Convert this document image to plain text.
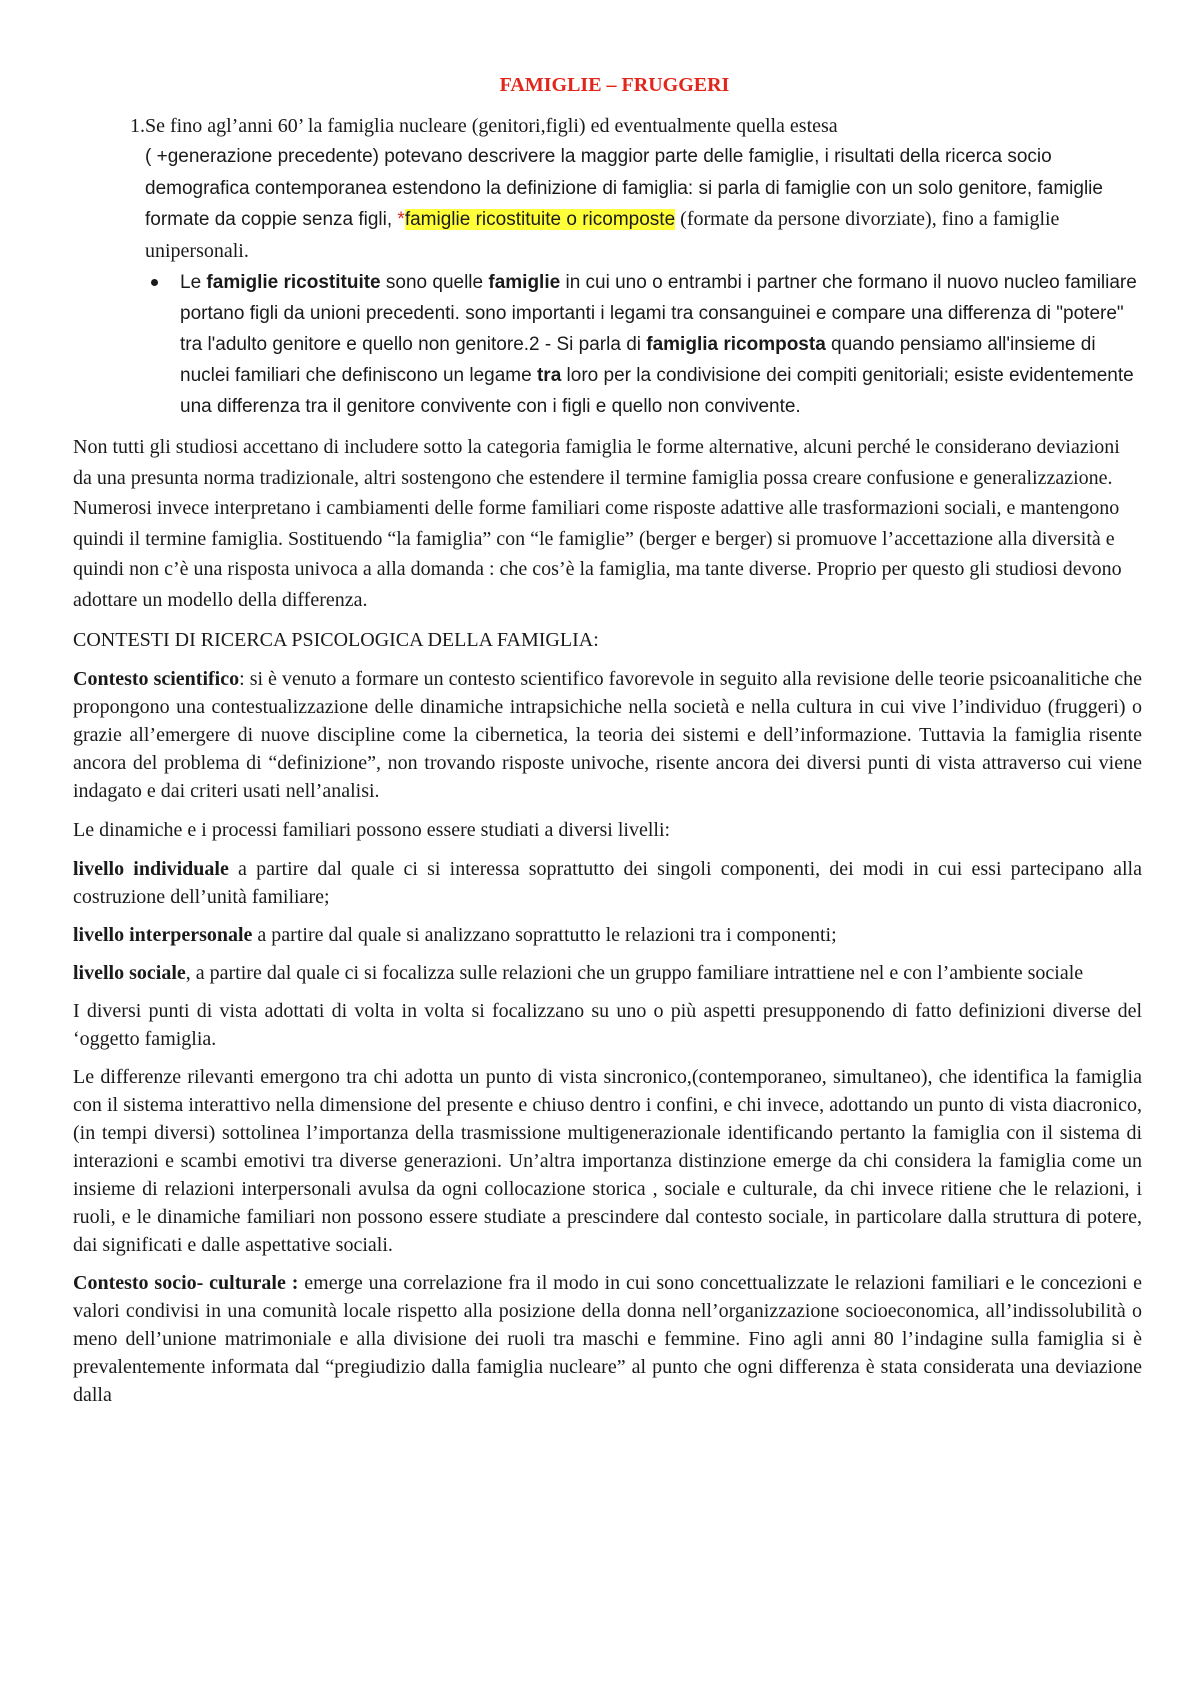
FAMIGLIE – FRUGGERI
1. Se fino agl’anni 60’ la famiglia nucleare (genitori,figli) ed eventualmente quella estesa
( +generazione precedente) potevano descrivere la maggior parte delle famiglie, i risultati della ricerca socio demografica contemporanea estendono la definizione di famiglia: si parla di famiglie con un solo genitore, famiglie formate da coppie senza figli, *famiglie ricostituite o ricomposte (formate da persone divorziate), fino a famiglie unipersonali.
Le famiglie ricostituite sono quelle famiglie in cui uno o entrambi i partner che formano il nuovo nucleo familiare portano figli da unioni precedenti. sono importanti i legami tra consanguinei e compare una differenza di "potere" tra l'adulto genitore e quello non genitore.2 - Si parla di famiglia ricomposta quando pensiamo all'insieme di nuclei familiari che definiscono un legame tra loro per la condivisione dei compiti genitoriali; esiste evidentemente una differenza tra il genitore convivente con i figli e quello non convivente.

Non tutti gli studiosi accettano di includere sotto la categoria famiglia le forme alternative, alcuni perché le considerano deviazioni da una presunta norma tradizionale, altri sostengono che estendere il termine famiglia possa creare confusione e generalizzazione. Numerosi invece interpretano i cambiamenti delle forme familiari come risposte adattive alle trasformazioni sociali, e mantengono quindi il termine famiglia. Sostituendo “la famiglia” con “le famiglie” (berger e berger) si promuove l’accettazione alla diversità e quindi non c’è una risposta univoca a alla domanda : che cos’è la famiglia, ma tante diverse. Proprio per questo gli studiosi devono adottare un modello della differenza.

CONTESTI DI RICERCA PSICOLOGICA DELLA FAMIGLIA:

Contesto scientifico: si è venuto a formare un contesto scientifico favorevole in seguito alla revisione delle teorie psicoanalitiche che propongono una contestualizzazione delle dinamiche intrapsichiche nella società e nella cultura in cui vive l’individuo (fruggeri) o grazie all’emergere di nuove discipline come la cibernetica, la teoria dei sistemi e dell’informazione. Tuttavia la famiglia risente ancora del problema di “definizione”, non trovando risposte univoche, risente ancora dei diversi punti di vista attraverso cui viene indagato e dai criteri usati nell’analisi.

Le dinamiche e i processi familiari possono essere studiati a diversi livelli:

livello individuale a partire dal quale ci si interessa soprattutto dei singoli componenti, dei modi in cui essi partecipano alla costruzione dell’unità familiare;

livello interpersonale a partire dal quale si analizzano soprattutto le relazioni tra i componenti;

livello sociale, a partire dal quale ci si focalizza sulle relazioni che un gruppo familiare intrattiene nel e con l’ambiente sociale

I diversi punti di vista adottati di volta in volta si focalizzano su uno o più aspetti presupponendo di fatto definizioni diverse del ‘oggetto famiglia.

Le differenze rilevanti emergono tra chi adotta un punto di vista sincronico,(contemporaneo, simultaneo), che identifica la famiglia con il sistema interattivo nella dimensione del presente e chiuso dentro i confini, e chi invece, adottando un punto di vista diacronico, (in tempi diversi) sottolinea l’importanza della trasmissione multigenerazionale identificando pertanto la famiglia con il sistema di interazioni e scambi emotivi tra diverse generazioni. Un’altra importanza distinzione emerge da chi considera la famiglia come un insieme di relazioni interpersonali avulsa da ogni collocazione storica , sociale e culturale, da chi invece ritiene che le relazioni, i ruoli, e le dinamiche familiari non possono essere studiate a prescindere dal contesto sociale, in particolare dalla struttura di potere, dai significati e dalle aspettative sociali.

Contesto socio- culturale : emerge una correlazione fra il modo in cui sono concettualizzate le relazioni familiari e le concezioni e valori condivisi in una comunità locale rispetto alla posizione della donna nell’organizzazione socioeconomica, all’indissolubilità o meno dell’unione matrimoniale e alla divisione dei ruoli tra maschi e femmine. Fino agli anni 80 l’indagine sulla famiglia si è prevalentemente informata dal “pregiudizio dalla famiglia nucleare” al punto che ogni differenza è stata considerata una deviazione dalla
